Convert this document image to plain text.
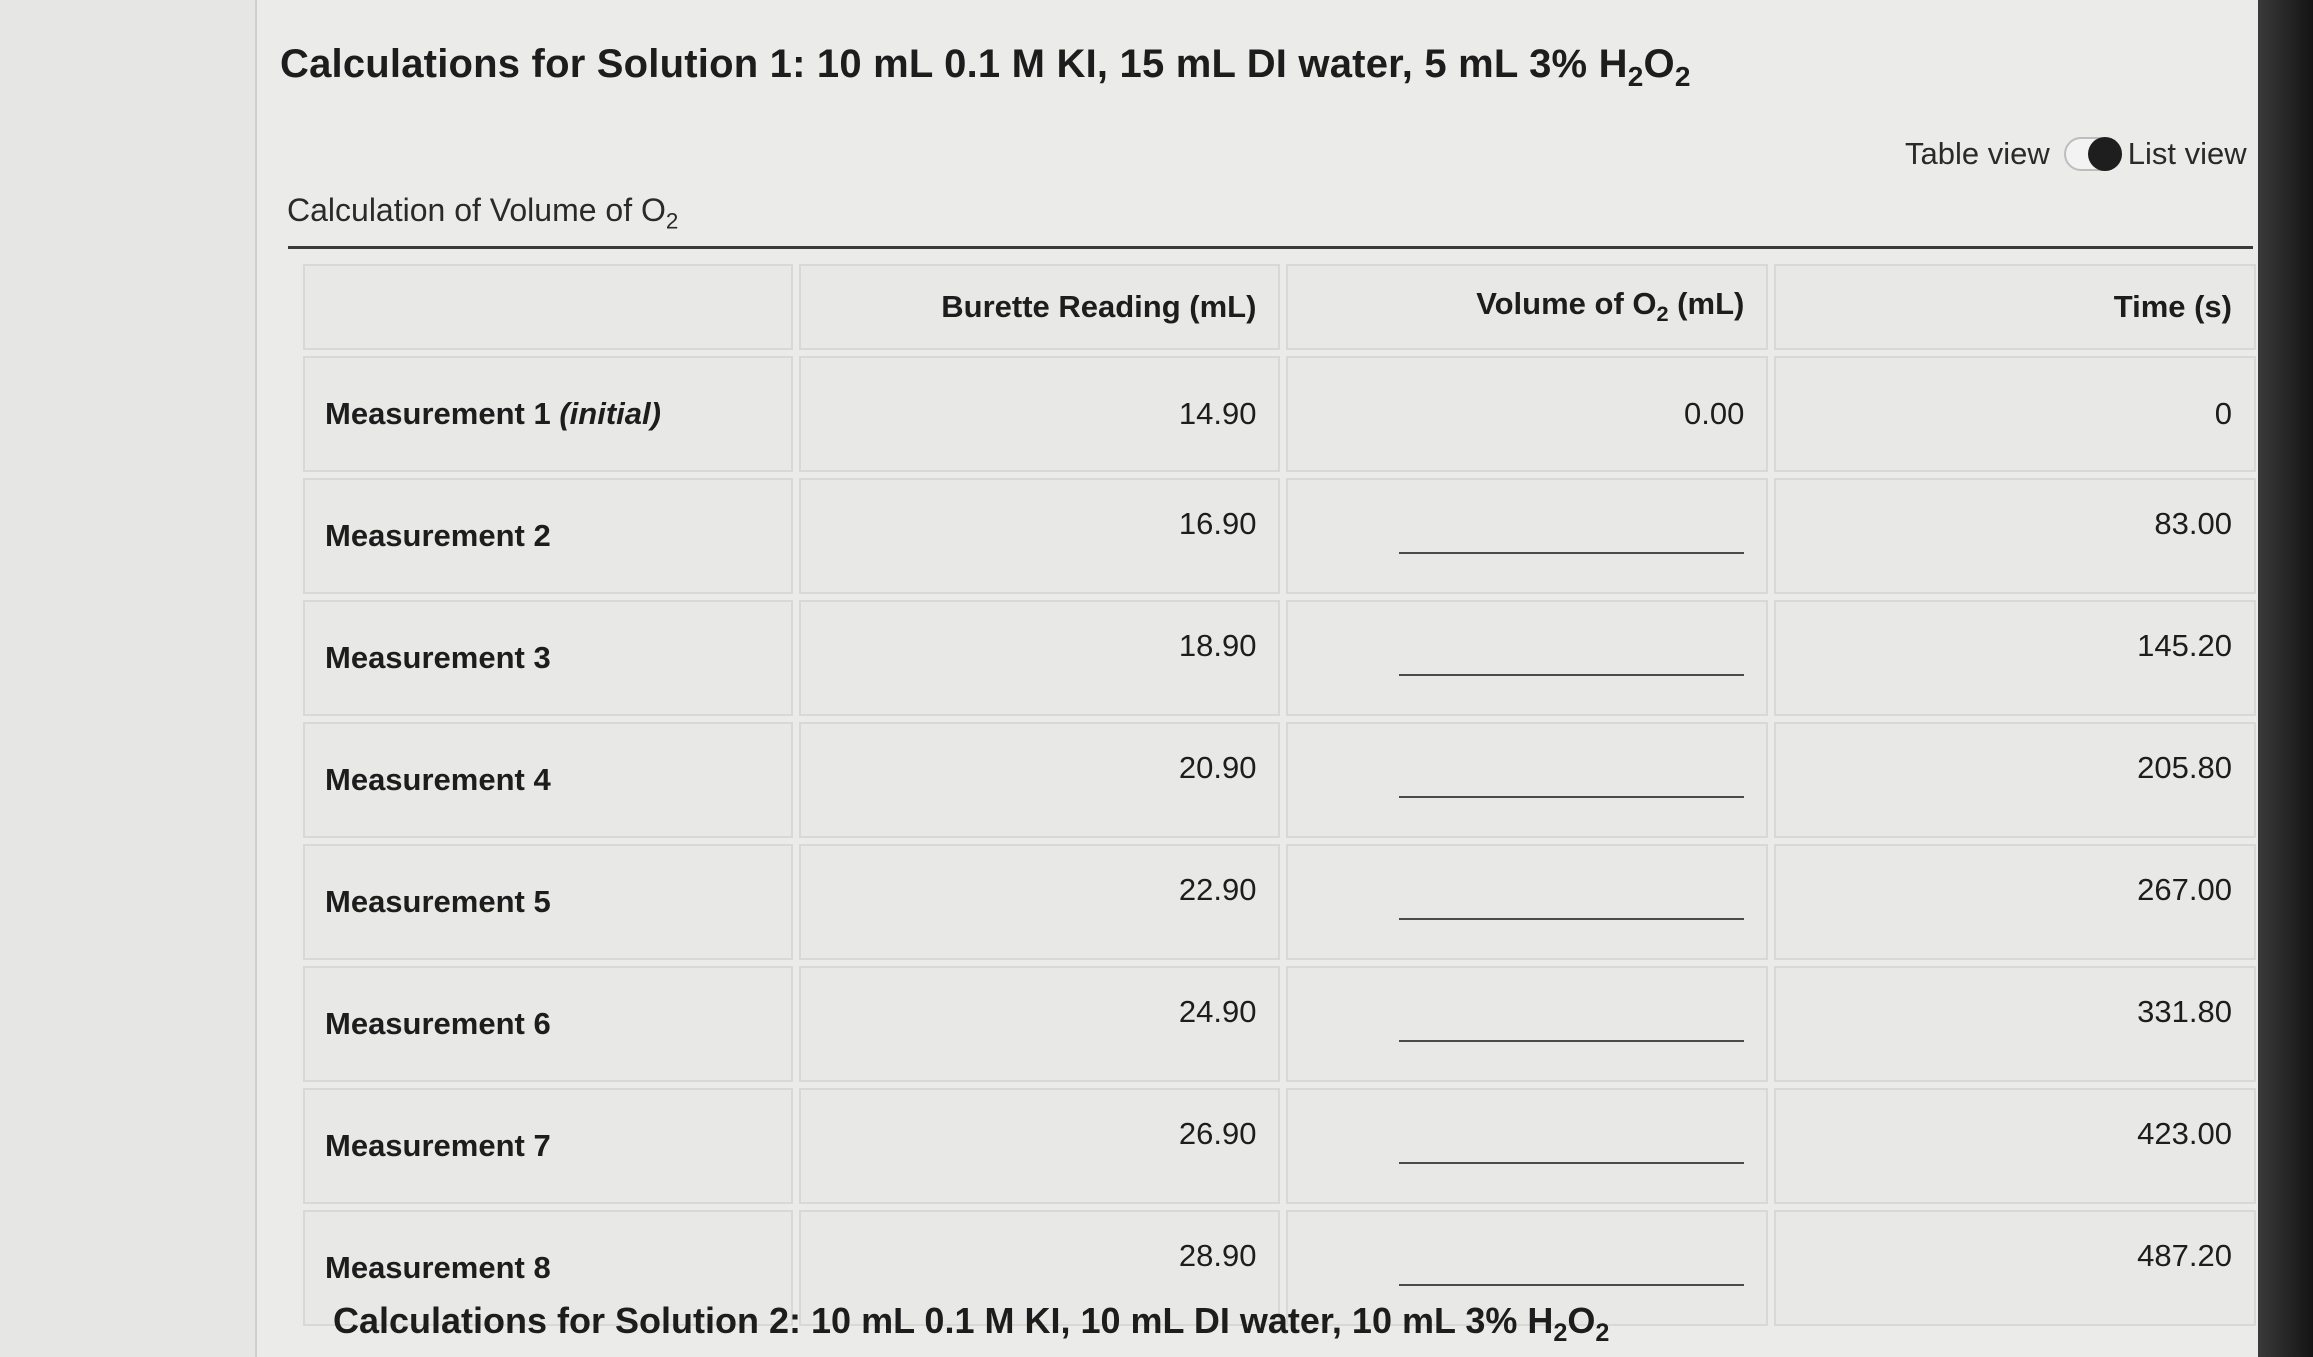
Calculations for Solution 1: 10 mL 0.1 M KI, 15 mL DI water, 5 mL 3% $H_2O_2$
Table view	List view
Calculation of Volume of $O_2$
	Burette Reading (mL)	Volume of $O_2$ (mL)	Time (s)
Measurement 1 (initial)	14.90	0.00	0
Measurement 2	16.90		83.00
Measurement 3	18.90		145.20
Measurement 4	20.90		205.80
Measurement 5	22.90		267.00
Measurement 6	24.90		331.80
Measurement 7	26.90		423.00
Measurement 8	28.90		487.20
Calculations for Solution 2: 10 mL 0.1 M KI, 10 mL DI water, 10 mL 3% $H_2O_2$
